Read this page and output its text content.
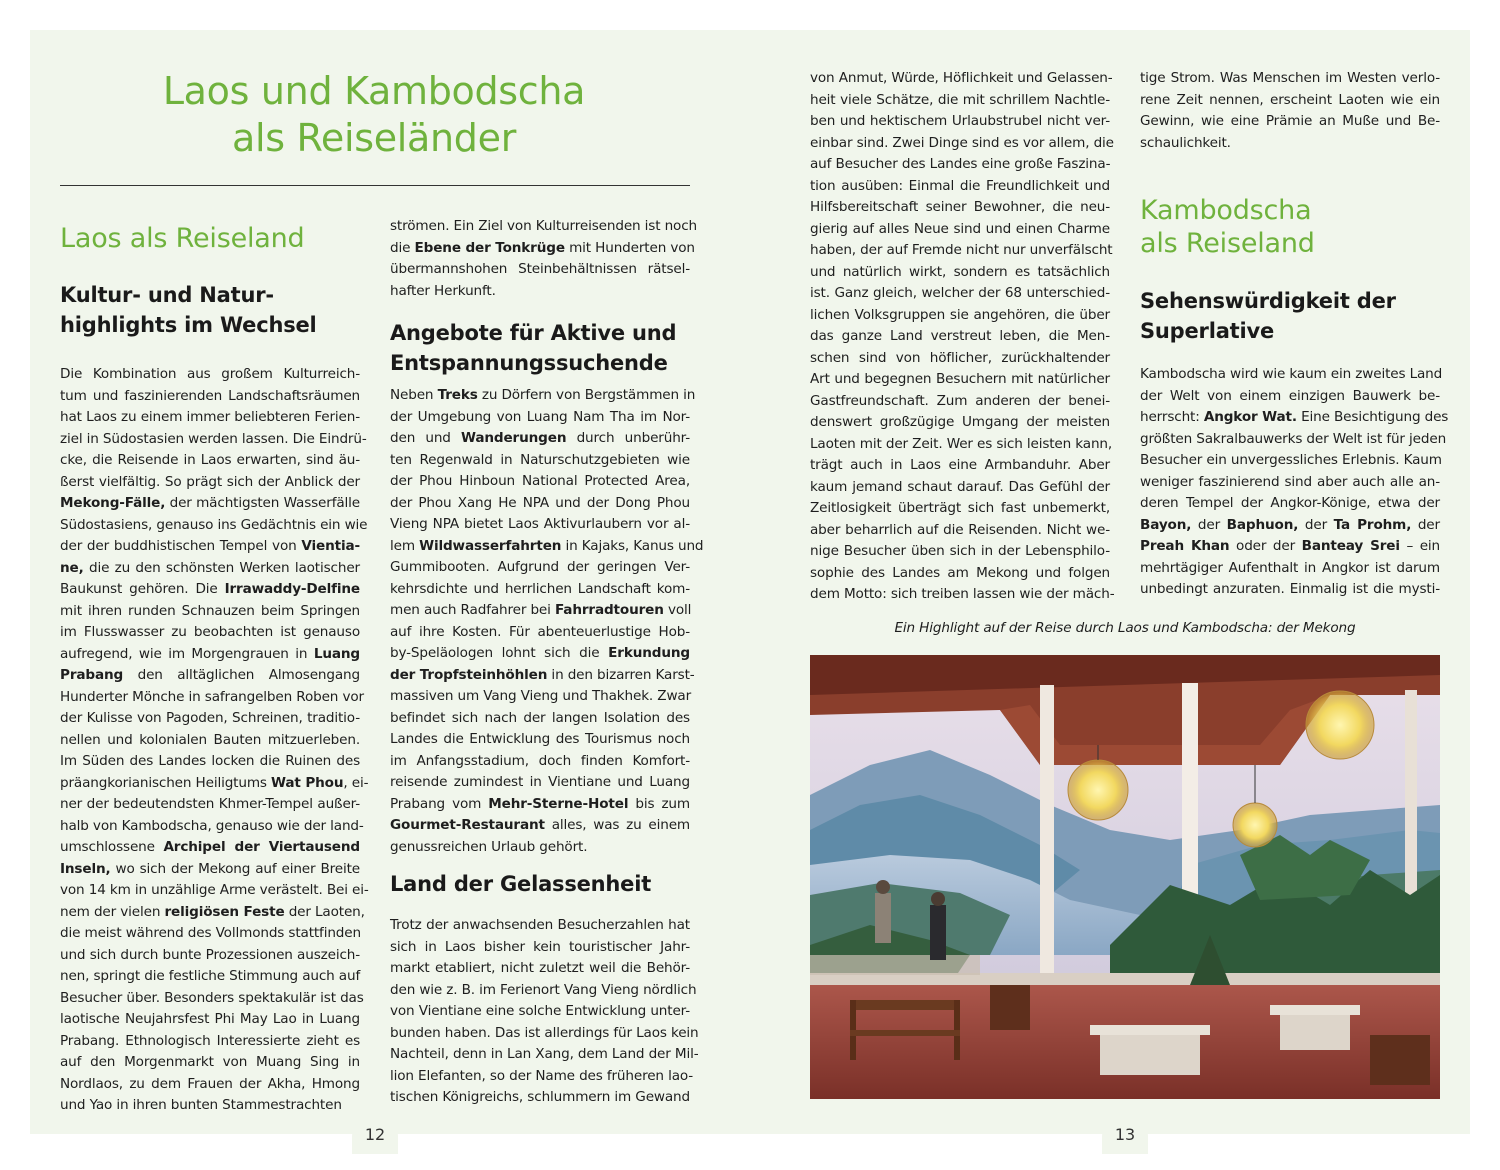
Laos und Kambodscha
als Reiseländer
Laos als Reiseland
Kultur- und Natur-
highlights im Wechsel
Die Kombination aus großem Kulturreich-
tum und faszinierenden Landschaftsräumen
hat Laos zu einem immer beliebteren Ferien-
ziel in Südostasien werden lassen. Die Eindrü-
cke, die Reisende in Laos erwarten, sind äu-
ßerst vielfältig. So prägt sich der Anblick der
Mekong-Fälle, der mächtigsten Wasserfälle
Südostasiens, genauso ins Gedächtnis ein wie
der der buddhistischen Tempel von Vientia-
ne, die zu den schönsten Werken laotischer
Baukunst gehören. Die Irrawaddy-Delfine
mit ihren runden Schnauzen beim Springen
im Flusswasser zu beobachten ist genauso
aufregend, wie im Morgengrauen in Luang
Prabang den alltäglichen Almosengang
Hunderter Mönche in safrangelben Roben vor
der Kulisse von Pagoden, Schreinen, traditio-
nellen und kolonialen Bauten mitzuerleben.
Im Süden des Landes locken die Ruinen des
präangkorianischen Heiligtums Wat Phou, ei-
ner der bedeutendsten Khmer-Tempel außer-
halb von Kambodscha, genauso wie der land-
umschlossene Archipel der Viertausend
Inseln, wo sich der Mekong auf einer Breite
von 14 km in unzählige Arme verästelt. Bei ei-
nem der vielen religiösen Feste der Laoten,
die meist während des Vollmonds stattfinden
und sich durch bunte Prozessionen auszeich-
nen, springt die festliche Stimmung auch auf
Besucher über. Besonders spektakulär ist das
laotische Neujahrsfest Phi May Lao in Luang
Prabang. Ethnologisch Interessierte zieht es
auf den Morgenmarkt von Muang Sing in
Nordlaos, zu dem Frauen der Akha, Hmong
und Yao in ihren bunten Stammestrachten
strömen. Ein Ziel von Kulturreisenden ist noch
die Ebene der Tonkrüge mit Hunderten von
übermannshohen Steinbehältnissen rätsel-
hafter Herkunft.
Angebote für Aktive und
Entspannungssuchende
Neben Treks zu Dörfern von Bergstämmen in
der Umgebung von Luang Nam Tha im Nor-
den und Wanderungen durch unberühr-
ten Regenwald in Naturschutzgebieten wie
der Phou Hinboun National Protected Area,
der Phou Xang He NPA und der Dong Phou
Vieng NPA bietet Laos Aktivurlaubern vor al-
lem Wildwasserfahrten in Kajaks, Kanus und
Gummibooten. Aufgrund der geringen Ver-
kehrsdichte und herrlichen Landschaft kom-
men auch Radfahrer bei Fahrradtouren voll
auf ihre Kosten. Für abenteuerlustige Hob-
by-Speläologen lohnt sich die Erkundung
der Tropfsteinhöhlen in den bizarren Karst-
massiven um Vang Vieng und Thakhek. Zwar
befindet sich nach der langen Isolation des
Landes die Entwicklung des Tourismus noch
im Anfangsstadium, doch finden Komfort-
reisende zumindest in Vientiane und Luang
Prabang vom Mehr-Sterne-Hotel bis zum
Gourmet-Restaurant alles, was zu einem
genussreichen Urlaub gehört.
Land der Gelassenheit
Trotz der anwachsenden Besucherzahlen hat
sich in Laos bisher kein touristischer Jahr-
markt etabliert, nicht zuletzt weil die Behör-
den wie z. B. im Ferienort Vang Vieng nördlich
von Vientiane eine solche Entwicklung unter-
bunden haben. Das ist allerdings für Laos kein
Nachteil, denn in Lan Xang, dem Land der Mil-
lion Elefanten, so der Name des früheren lao-
tischen Königreichs, schlummern im Gewand
von Anmut, Würde, Höflichkeit und Gelassen-
heit viele Schätze, die mit schrillem Nachtle-
ben und hektischem Urlaubstrubel nicht ver-
einbar sind. Zwei Dinge sind es vor allem, die
auf Besucher des Landes eine große Faszina-
tion ausüben: Einmal die Freundlichkeit und
Hilfsbereitschaft seiner Bewohner, die neu-
gierig auf alles Neue sind und einen Charme
haben, der auf Fremde nicht nur unverfälscht
und natürlich wirkt, sondern es tatsächlich
ist. Ganz gleich, welcher der 68 unterschied-
lichen Volksgruppen sie angehören, die über
das ganze Land verstreut leben, die Men-
schen sind von höflicher, zurückhaltender
Art und begegnen Besuchern mit natürlicher
Gastfreundschaft. Zum anderen der benei-
denswert großzügige Umgang der meisten
Laoten mit der Zeit. Wer es sich leisten kann,
trägt auch in Laos eine Armbanduhr. Aber
kaum jemand schaut darauf. Das Gefühl der
Zeitlosigkeit überträgt sich fast unbemerkt,
aber beharrlich auf die Reisenden. Nicht we-
nige Besucher üben sich in der Lebensphilo-
sophie des Landes am Mekong und folgen
dem Motto: sich treiben lassen wie der mäch-
tige Strom. Was Menschen im Westen verlo-
rene Zeit nennen, erscheint Laoten wie ein
Gewinn, wie eine Prämie an Muße und Be-
schaulichkeit.
Kambodscha
als Reiseland
Sehenswürdigkeit der
Superlative
Kambodscha wird wie kaum ein zweites Land
der Welt von einem einzigen Bauwerk be-
herrscht: Angkor Wat. Eine Besichtigung des
größten Sakralbauwerks der Welt ist für jeden
Besucher ein unvergessliches Erlebnis. Kaum
weniger faszinierend sind aber auch alle an-
deren Tempel der Angkor-Könige, etwa der
Bayon, der Baphuon, der Ta Prohm, der
Preah Khan oder der Banteay Srei – ein
mehrtägiger Aufenthalt in Angkor ist darum
unbedingt anzuraten. Einmalig ist die mysti-
Ein Highlight auf der Reise durch Laos und Kambodscha: der Mekong
12	13
